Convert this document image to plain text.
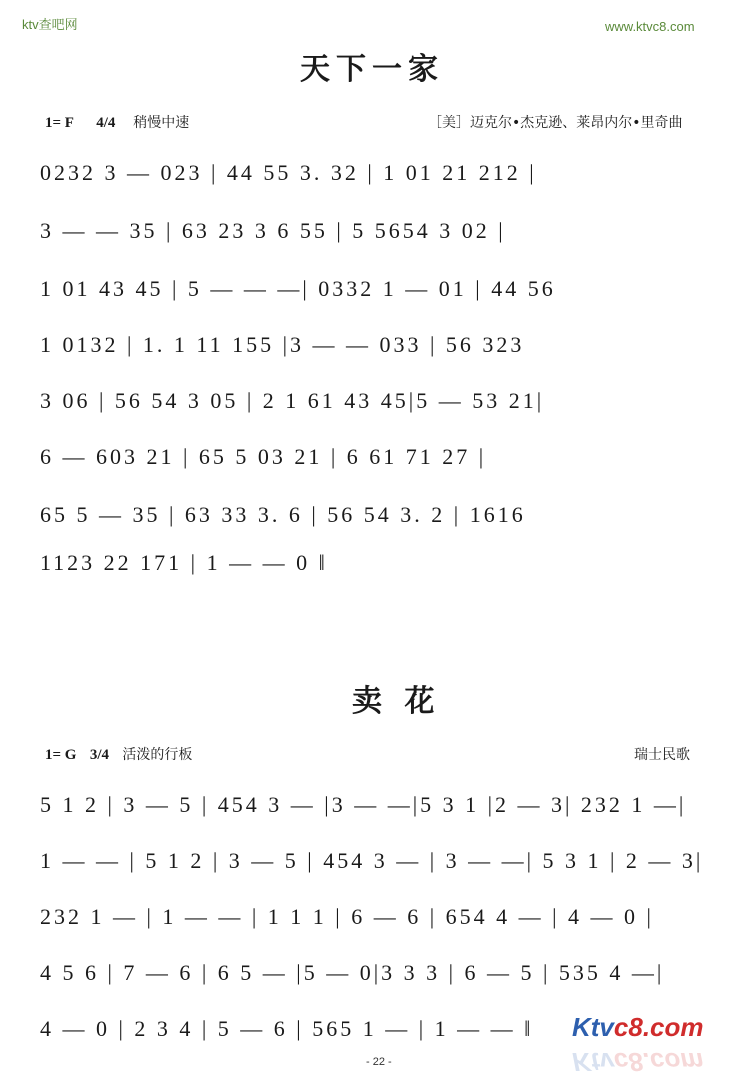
ktv查吧网	www.ktvc8.com
天下一家
1= F 4/4 稍慢中速	［美］迈克尔•杰克逊、莱昂内尔•里奇曲
0232 3 — 023 | 44 55 3. 32 | 1 01 21 212 |
3 — — 35 | 63 23 3 6 55 | 5 5654 3 02 |
1 01 43 45 | 5 — — —| 0332 1 — 01 | 44 56
1 0132 | 1. 1 11 155 |3 — — 033 | 56 323
3 06 | 56 54 3 05 | 2 1 61 43 45|5 — 53 21|
6 — 603 21 | 65 5 03 21 | 6 61 71 27 |
65 5 — 35 | 63 33 3. 6 | 56 54 3. 2 | 1616
1123 22 171 | 1 — — 0 ‖
卖 花
1= G 3/4 活泼的行板	瑞士民歌
5 1 2 | 3 — 5 | 454 3 — |3 — —|5 3 1 |2 — 3| 232 1 —|
1 — — | 5 1 2 | 3 — 5 | 454 3 — | 3 — —| 5 3 1 | 2 — 3|
232 1 — | 1 — — | 1 1 1 | 6 — 6 | 654 4 — | 4 — 0 |
4 5 6 | 7 — 6 | 6 5 — |5 — 0|3 3 3 | 6 — 5 | 535 4 —|
4 — 0 | 2 3 4 | 5 — 6 | 565 1 — | 1 — — ‖
- 22 -
Ktvc8.com
Ktvc8.com
